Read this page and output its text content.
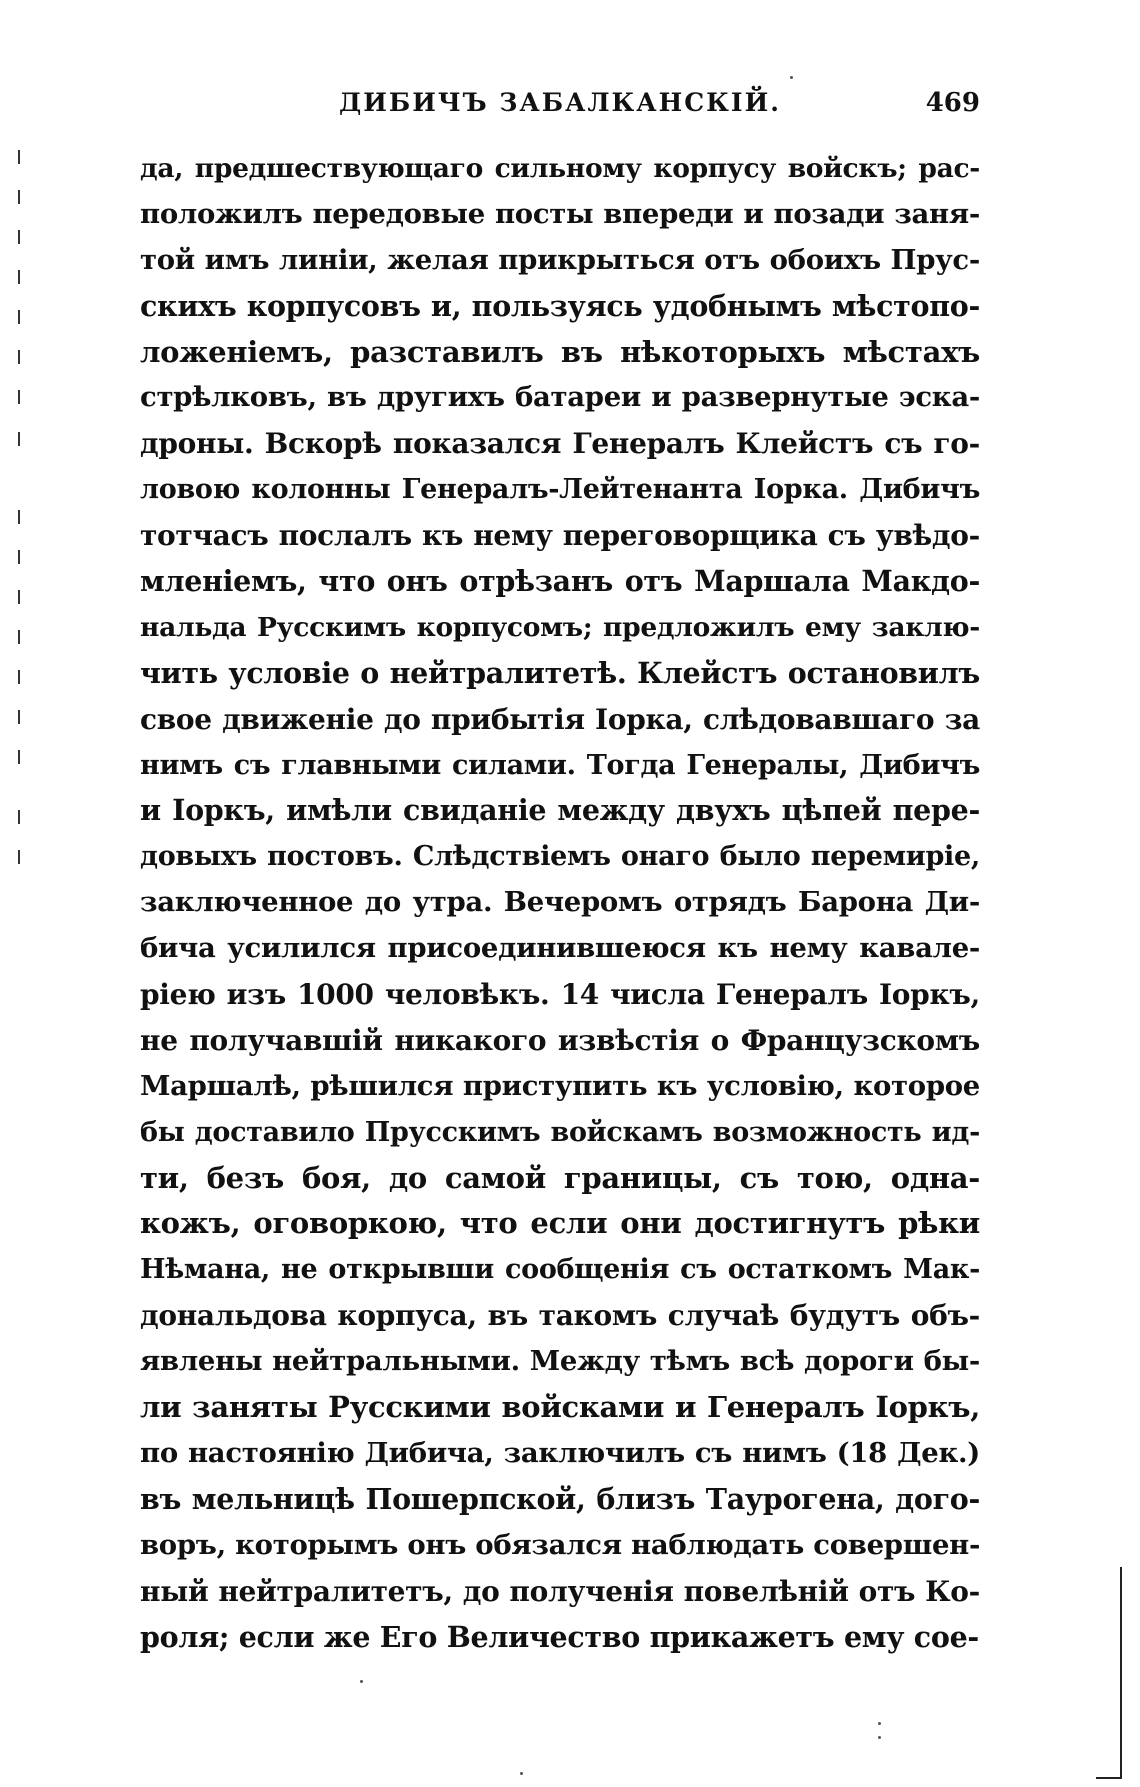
ДИБИЧЪ ЗАБАЛКАНСКІЙ.	469
да, предшествующаго сильному корпусу войскъ; рас-
положилъ передовые посты впереди и позади заня-
той имъ линіи, желая прикрыться отъ обоихъ Прус-
скихъ корпусовъ и, пользуясь удобнымъ мѣстопо-
ложеніемъ, разставилъ въ нѣкоторыхъ мѣстахъ
стрѣлковъ, въ другихъ батареи и развернутые эска-
дроны. Вскорѣ показался Генералъ Клейстъ съ го-
ловою колонны Генералъ-Лейтенанта Іорка. Дибичъ
тотчасъ послалъ къ нему переговорщика съ увѣдо-
мленіемъ, что онъ отрѣзанъ отъ Маршала Макдо-
нальда Русскимъ корпусомъ; предложилъ ему заклю-
чить условіе о нейтралитетѣ. Клейстъ остановилъ
свое движеніе до прибытія Іорка, слѣдовавшаго за
нимъ съ главными силами. Тогда Генералы, Дибичъ
и Іоркъ, имѣли свиданіе между двухъ цѣпей пере-
довыхъ постовъ. Слѣдствіемъ онаго было перемиріе,
заключенное до утра. Вечеромъ отрядъ Барона Ди-
бича усилился присоединившеюся къ нему кавале-
ріею изъ 1000 человѣкъ. 14 числа Генералъ Іоркъ,
не получавшій никакого извѣстія о Французскомъ
Маршалѣ, рѣшился приступить къ условію, которое
бы доставило Прусскимъ войскамъ возможность ид-
ти, безъ боя, до самой границы, съ тою, однa-
кожъ, оговоркою, что если они достигнутъ рѣки
Нѣмана, не открывши сообщенія съ остаткомъ Мак-
дональдова корпуса, въ такомъ случаѣ будутъ объ-
явлены нейтральными. Между тѣмъ всѣ дороги бы-
ли заняты Русскими войсками и Генералъ Іоркъ,
по настоянію Дибича, заключилъ съ нимъ (18 Дек.)
въ мельницѣ Пошерпской, близъ Таурогена, дого-
воръ, которымъ онъ обязался наблюдать совершен-
ный нейтралитетъ, до полученія повелѣній отъ Ко-
роля; если же Его Величество прикажетъ ему сое-
